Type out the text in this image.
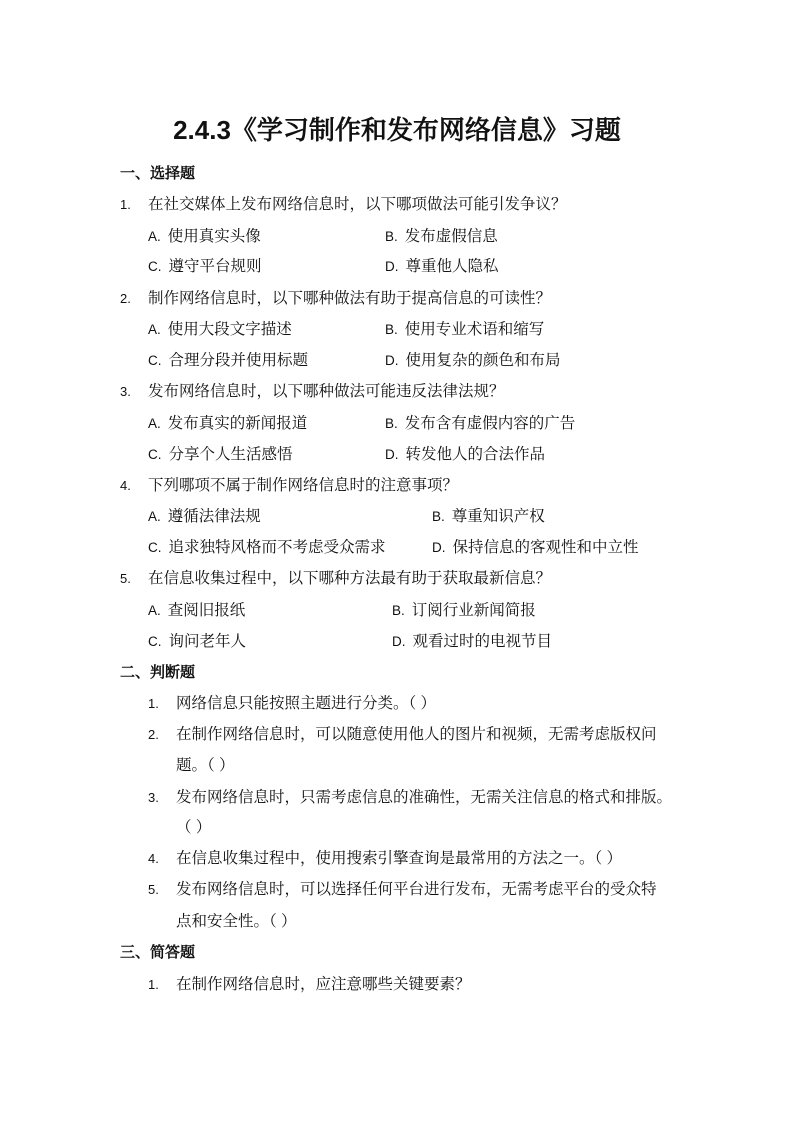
2.4.3《学习制作和发布网络信息》习题
一、选择题
1. 在社交媒体上发布网络信息时，以下哪项做法可能引发争议？
A. 使用真实头像	B. 发布虚假信息
C. 遵守平台规则	D. 尊重他人隐私
2. 制作网络信息时，以下哪种做法有助于提高信息的可读性？
A. 使用大段文字描述	B. 使用专业术语和缩写
C. 合理分段并使用标题	D. 使用复杂的颜色和布局
3. 发布网络信息时，以下哪种做法可能违反法律法规？
A. 发布真实的新闻报道	B. 发布含有虚假内容的广告
C. 分享个人生活感悟	D. 转发他人的合法作品
4. 下列哪项不属于制作网络信息时的注意事项？
A. 遵循法律法规	B. 尊重知识产权
C. 追求独特风格而不考虑受众需求	D. 保持信息的客观性和中立性
5. 在信息收集过程中，以下哪种方法最有助于获取最新信息？
A. 查阅旧报纸	B. 订阅行业新闻简报
C. 询问老年人	D. 观看过时的电视节目
二、判断题
1. 网络信息只能按照主题进行分类。（ ）
2. 在制作网络信息时，可以随意使用他人的图片和视频，无需考虑版权问
题。（ ）
3. 发布网络信息时，只需考虑信息的准确性，无需关注信息的格式和排版。
（ ）
4. 在信息收集过程中，使用搜索引擎查询是最常用的方法之一。（ ）
5. 发布网络信息时，可以选择任何平台进行发布，无需考虑平台的受众特
点和安全性。（ ）
三、简答题
1. 在制作网络信息时，应注意哪些关键要素？
